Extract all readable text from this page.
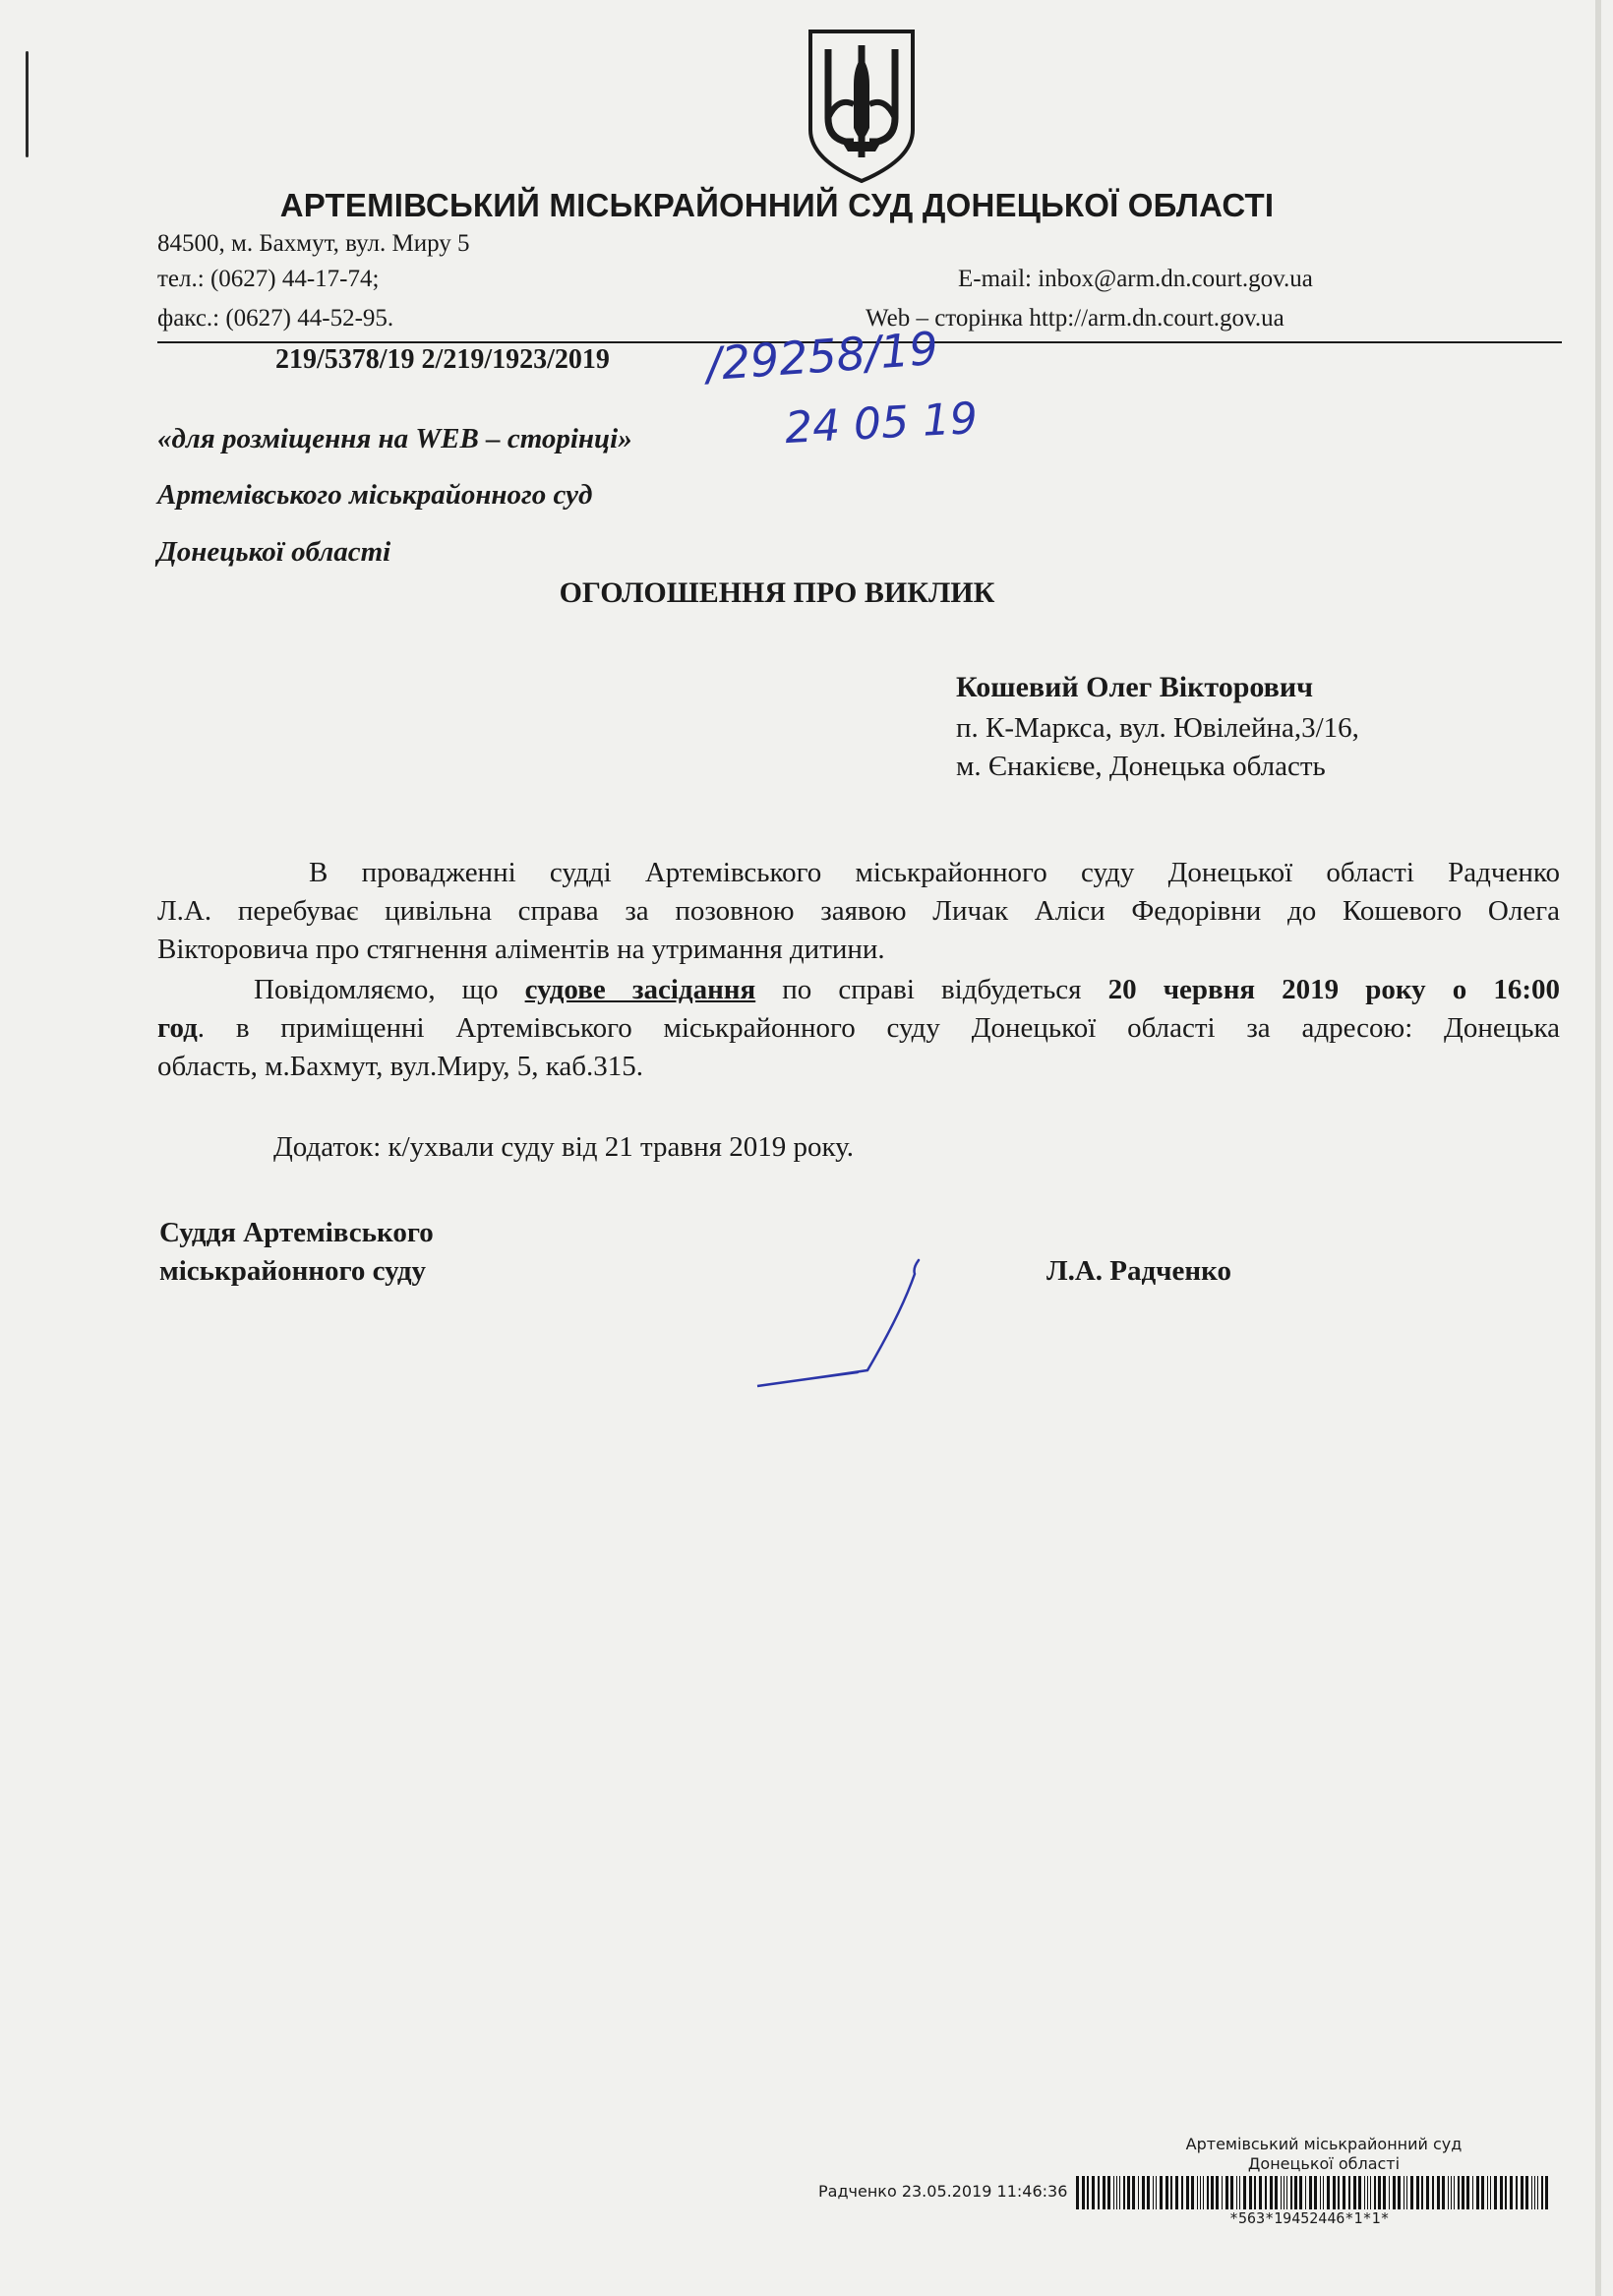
АРТЕМІВСЬКИЙ МІСЬКРАЙОННИЙ СУД ДОНЕЦЬКОЇ ОБЛАСТІ
84500, м. Бахмут, вул. Миру 5
тел.: (0627) 44-17-74;	E-mail: inbox@arm.dn.court.gov.ua
факс.: (0627) 44-52-95.	Web – сторінка http://arm.dn.court.gov.ua
219/5378/19 2/219/1923/2019 /29258/19
24 05 19
«для розміщення на WEB – сторінці»
Артемівського міськрайонного суд
Донецької області
ОГОЛОШЕННЯ ПРО ВИКЛИК
Кошевий Олег Вікторович
п. К-Маркса, вул. Ювілейна,3/16,
м. Єнакієве, Донецька область
В провадженні судді Артемівського міськрайонного суду Донецької області Радченко
Л.А. перебуває цивільна справа за позовною заявою Личак Аліси Федорівни до Кошевого Олега
Вікторовича про стягнення аліментів на утримання дитини.
Повідомляємо, що судове засідання по справі відбудеться 20 червня 2019 року о 16:00
год. в приміщенні Артемівського міськрайонного суду Донецької області за адресою: Донецька
область, м.Бахмут, вул.Миру, 5, каб.315.
Додаток: к/ухвали суду від 21 травня 2019 року.
Суддя Артемівського
міськрайонного суду	Л.А. Радченко
Артемівський міськрайонний суд
Донецької області
Радченко 23.05.2019 11:46:36
*563*19452446*1*1*
